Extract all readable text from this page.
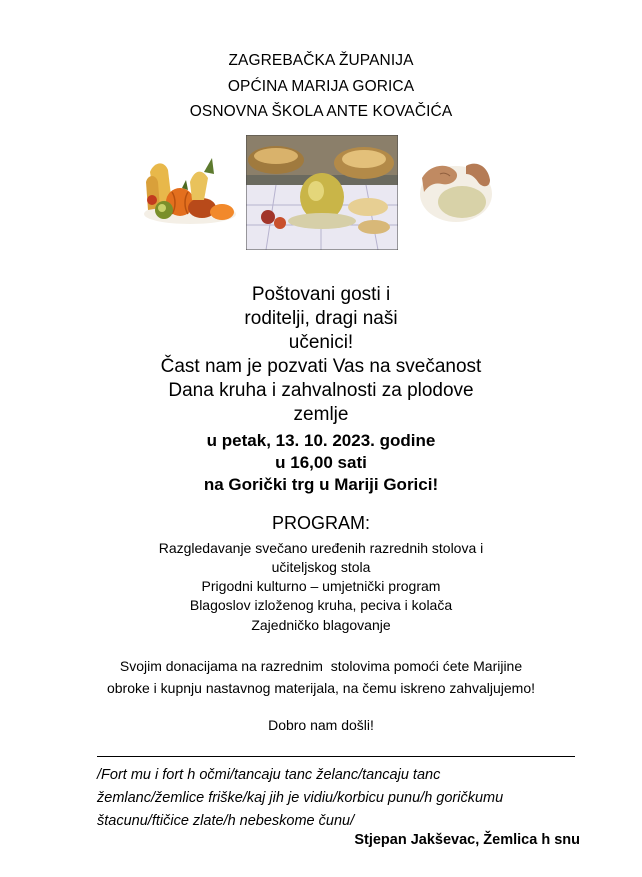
ZAGREBAČKA ŽUPANIJA
OPĆINA MARIJA GORICA
OSNOVNA ŠKOLA ANTE KOVAČIĆA
Poštovani gosti i
roditelji, dragi naši
učenici!
Čast nam je pozvati Vas na svečanost
Dana kruha i zahvalnosti za plodove
zemlje
u petak, 13. 10. 2023. godine
u 16,00 sati
na Gorički trg u Mariji Gorici!
PROGRAM:
Razgledavanje svečano uređenih razrednih stolova i
učiteljskog stola
Prigodni kulturno – umjetnički program
Blagoslov izloženog kruha, peciva i kolača
Zajedničko blagovanje
Svojim donacijama na razrednim  stolovima pomoći ćete Marijine
obroke i kupnju nastavnog materijala, na čemu iskreno zahvaljujemo!
Dobro nam došli!
/Fort mu i fort h očmi/tancaju tanc želanc/tancaju tanc
žemlanc/žemlice friške/kaj jih je vidiu/korbicu punu/h goričkumu
štacunu/ftičice zlate/h nebeskome čunu/
Stjepan Jakševac, Žemlica h snu
